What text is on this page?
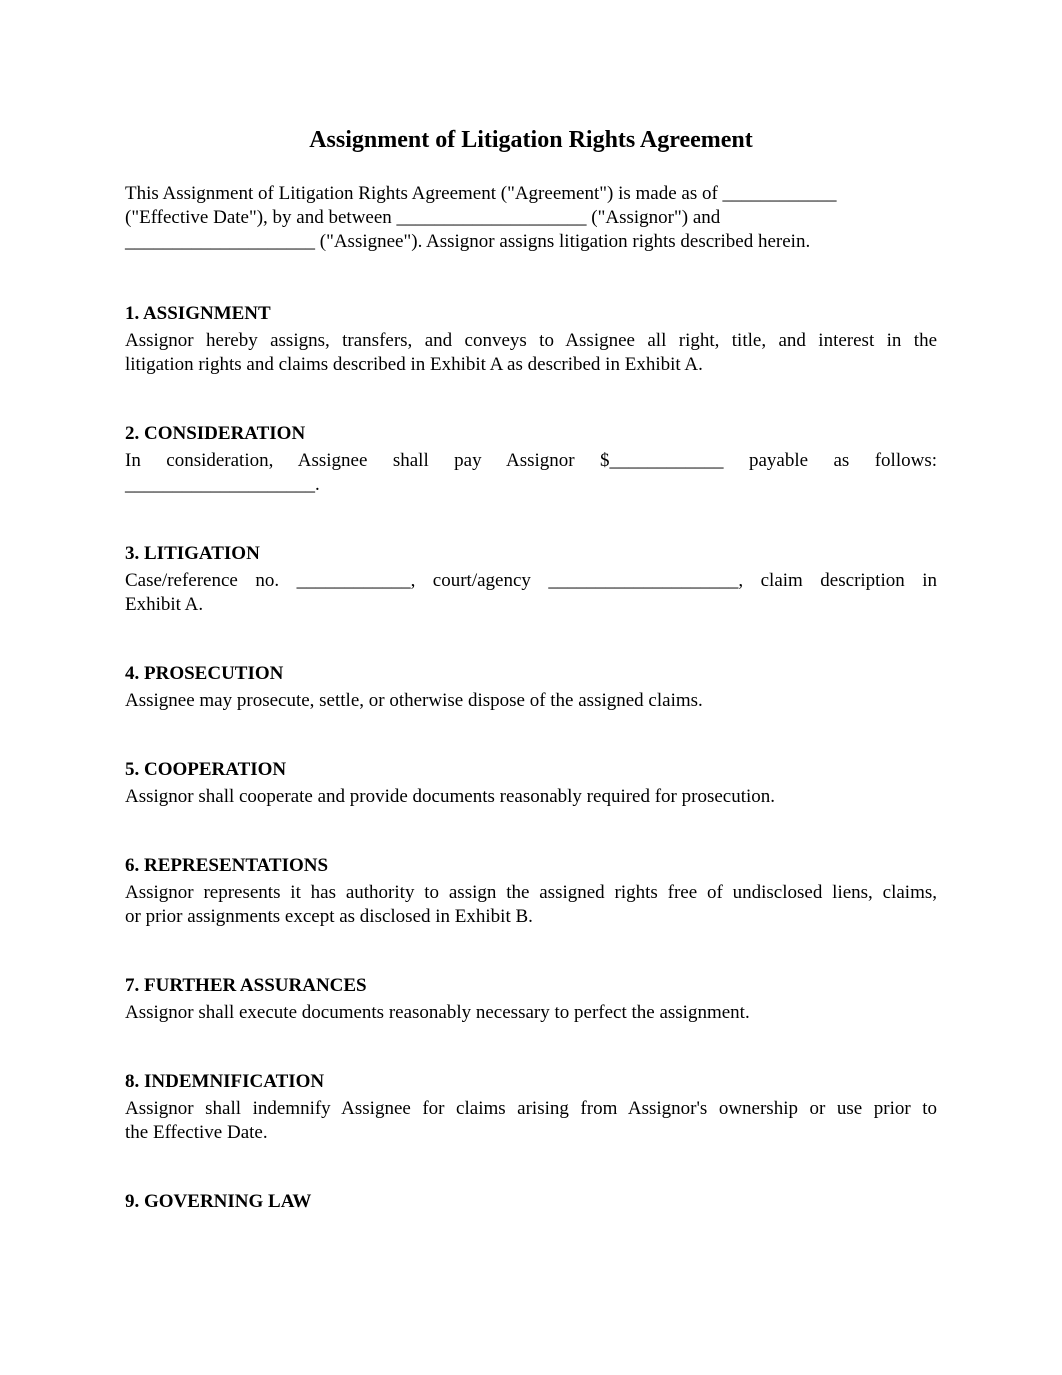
Assignment of Litigation Rights Agreement

This Assignment of Litigation Rights Agreement ("Agreement") is made as of ____________
("Effective Date"), by and between ____________________ ("Assignor") and
____________________ ("Assignee"). Assignor assigns litigation rights described herein.

1. ASSIGNMENT

Assignor hereby assigns, transfers, and conveys to Assignee all right, title, and interest in the
litigation rights and claims described in Exhibit A as described in Exhibit A.

2. CONSIDERATION

In consideration, Assignee shall pay Assignor $____________ payable as follows:
____________________.

3. LITIGATION

Case/reference no. ____________, court/agency ____________________, claim description in
Exhibit A.

4. PROSECUTION

Assignee may prosecute, settle, or otherwise dispose of the assigned claims.

5. COOPERATION

Assignor shall cooperate and provide documents reasonably required for prosecution.

6. REPRESENTATIONS

Assignor represents it has authority to assign the assigned rights free of undisclosed liens, claims,
or prior assignments except as disclosed in Exhibit B.

7. FURTHER ASSURANCES

Assignor shall execute documents reasonably necessary to perfect the assignment.

8. INDEMNIFICATION

Assignor shall indemnify Assignee for claims arising from Assignor's ownership or use prior to
the Effective Date.

9. GOVERNING LAW
